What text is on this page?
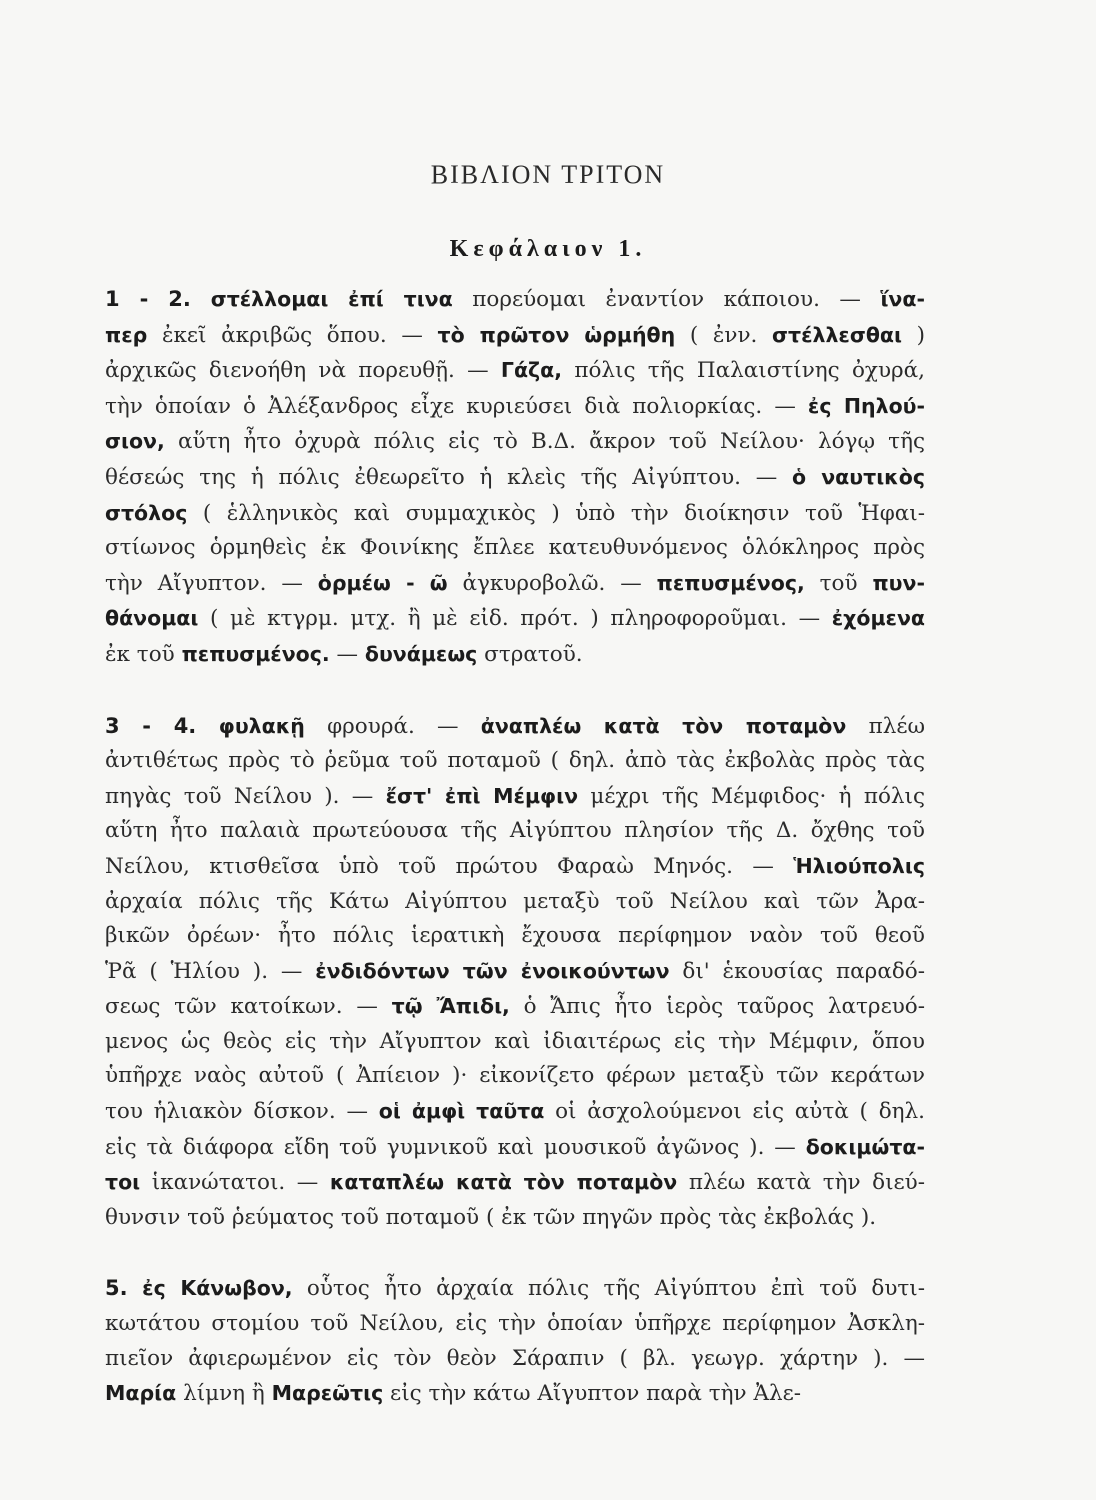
ΒΙΒΛΙΟΝ ΤΡΙΤΟΝ
Κεφάλαιον 1.
1 - 2. στέλλομαι ἐπί τινα πορεύομαι ἐναντίον κάποιου. — ἵνα-
περ ἐκεῖ ἀκριβῶς ὅπου. — τὸ πρῶτον ὡρμήθη ( ἐνν. στέλλεσθαι )
ἀρχικῶς διενοήθη νὰ πορευθῇ. — Γάζα, πόλις τῆς Παλαιστίνης ὀχυρά,
τὴν ὁποίαν ὁ Ἀλέξανδρος εἶχε κυριεύσει διὰ πολιορκίας. — ἐς Πηλού-
σιον, αὕτη ἦτο ὀχυρὰ πόλις εἰς τὸ Β.Δ. ἄκρον τοῦ Νείλου· λόγῳ τῆς
θέσεώς της ἡ πόλις ἐθεωρεῖτο ἡ κλεὶς τῆς Αἰγύπτου. — ὁ ναυτικὸς
στόλος ( ἑλληνικὸς καὶ συμμαχικὸς ) ὑπὸ τὴν διοίκησιν τοῦ Ἡφαι-
στίωνος ὁρμηθεὶς ἐκ Φοινίκης ἔπλεε κατευθυνόμενος ὁλόκληρος πρὸς
τὴν Αἴγυπτον. — ὁρμέω - ῶ ἀγκυροβολῶ. — πεπυσμένος, τοῦ πυν-
θάνομαι ( μὲ κτγρμ. μτχ. ἢ μὲ εἰδ. πρότ. ) πληροφοροῦμαι. — ἐχόμενα
ἐκ τοῦ πεπυσμένος. — δυνάμεως στρατοῦ.
3 - 4. φυλακῇ φρουρά. — ἀναπλέω κατὰ τὸν ποταμὸν πλέω
ἀντιθέτως πρὸς τὸ ῥεῦμα τοῦ ποταμοῦ ( δηλ. ἀπὸ τὰς ἐκβολὰς πρὸς τὰς
πηγὰς τοῦ Νείλου ). — ἔστ' ἐπὶ Μέμφιν μέχρι τῆς Μέμφιδος· ἡ πόλις
αὕτη ἦτο παλαιὰ πρωτεύουσα τῆς Αἰγύπτου πλησίον τῆς Δ. ὄχθης τοῦ
Νείλου, κτισθεῖσα ὑπὸ τοῦ πρώτου Φαραὼ Μηνός. — Ἡλιούπολις
ἀρχαία πόλις τῆς Κάτω Αἰγύπτου μεταξὺ τοῦ Νείλου καὶ τῶν Ἀρα-
βικῶν ὀρέων· ἦτο πόλις ἱερατικὴ ἔχουσα περίφημον ναὸν τοῦ θεοῦ
Ῥᾶ ( Ἡλίου ). — ἐνδιδόντων τῶν ἐνοικούντων δι' ἑκουσίας παραδό-
σεως τῶν κατοίκων. — τῷ Ἄπιδι, ὁ Ἄπις ἦτο ἱερὸς ταῦρος λατρευό-
μενος ὡς θεὸς εἰς τὴν Αἴγυπτον καὶ ἰδιαιτέρως εἰς τὴν Μέμφιν, ὅπου
ὑπῆρχε ναὸς αὐτοῦ ( Ἀπίειον )· εἰκονίζετο φέρων μεταξὺ τῶν κεράτων
του ἡλιακὸν δίσκον. — οἱ ἀμφὶ ταῦτα οἱ ἀσχολούμενοι εἰς αὐτὰ ( δηλ.
εἰς τὰ διάφορα εἴδη τοῦ γυμνικοῦ καὶ μουσικοῦ ἀγῶνος ). — δοκιμώτα-
τοι ἱκανώτατοι. — καταπλέω κατὰ τὸν ποταμὸν πλέω κατὰ τὴν διεύ-
θυνσιν τοῦ ῥεύματος τοῦ ποταμοῦ ( ἐκ τῶν πηγῶν πρὸς τὰς ἐκβολάς ).
5. ἐς Κάνωβον, οὗτος ἦτο ἀρχαία πόλις τῆς Αἰγύπτου ἐπὶ τοῦ δυτι-
κωτάτου στομίου τοῦ Νείλου, εἰς τὴν ὁποίαν ὑπῆρχε περίφημον Ἀσκλη-
πιεῖον ἀφιερωμένον εἰς τὸν θεὸν Σάραπιν ( βλ. γεωγρ. χάρτην ). —
Μαρία λίμνη ἢ Μαρεῶτις εἰς τὴν κάτω Αἴγυπτον παρὰ τὴν Ἀλε-
